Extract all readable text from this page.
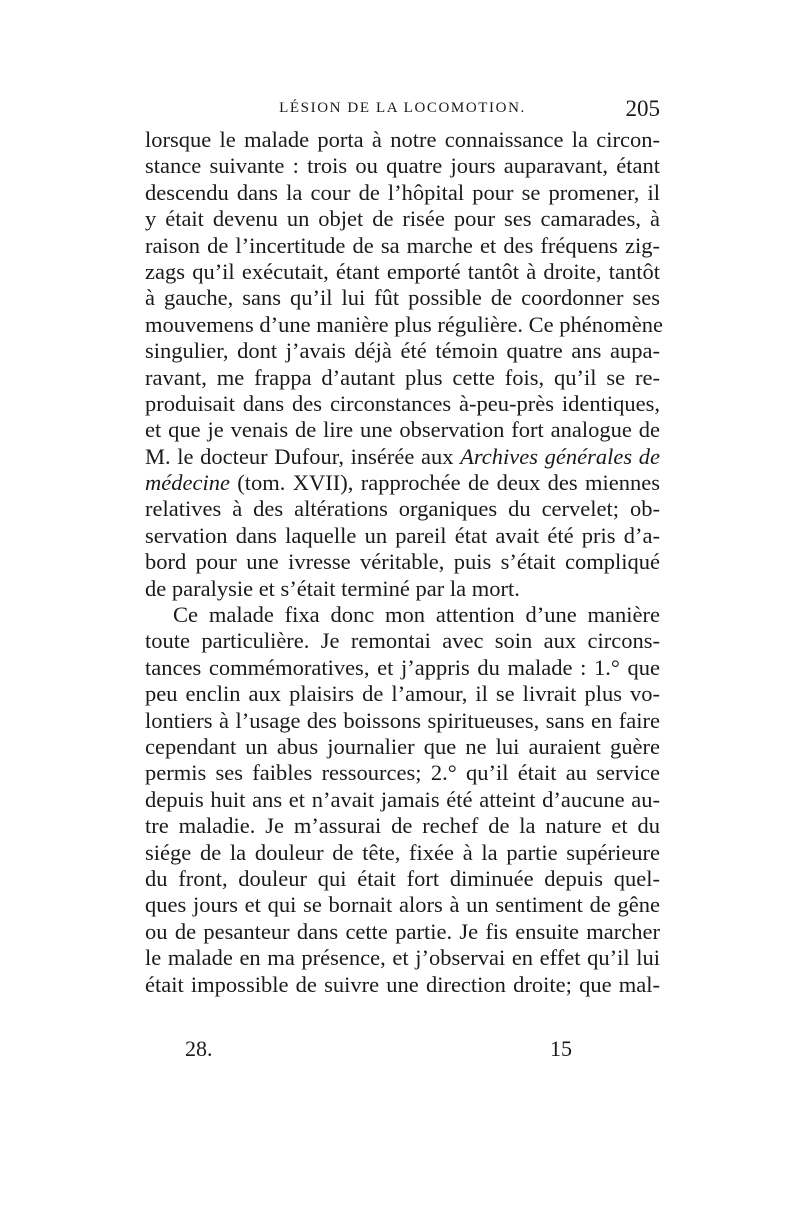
LÉSION DE LA LOCOMOTION.	205
lorsque le malade porta à notre connaissance la circon-
stance suivante : trois ou quatre jours auparavant, étant
descendu dans la cour de l’hôpital pour se promener, il
y était devenu un objet de risée pour ses camarades, à
raison de l’incertitude de sa marche et des fréquens zig-
zags qu’il exécutait, étant emporté tantôt à droite, tantôt
à gauche, sans qu’il lui fût possible de coordonner ses
mouvemens d’une manière plus régulière. Ce phénomène
singulier, dont j’avais déjà été témoin quatre ans aupa-
ravant, me frappa d’autant plus cette fois, qu’il se re-
produisait dans des circonstances à-peu-près identiques,
et que je venais de lire une observation fort analogue de
M. le docteur Dufour, insérée aux Archives générales de
médecine (tom. XVII), rapprochée de deux des miennes
relatives à des altérations organiques du cervelet; ob-
servation dans laquelle un pareil état avait été pris d’a-
bord pour une ivresse véritable, puis s’était compliqué
de paralysie et s’était terminé par la mort.
Ce malade fixa donc mon attention d’une manière
toute particulière. Je remontai avec soin aux circons-
tances commémoratives, et j’appris du malade : 1.° que
peu enclin aux plaisirs de l’amour, il se livrait plus vo-
lontiers à l’usage des boissons spiritueuses, sans en faire
cependant un abus journalier que ne lui auraient guère
permis ses faibles ressources; 2.° qu’il était au service
depuis huit ans et n’avait jamais été atteint d’aucune au-
tre maladie. Je m’assurai de rechef de la nature et du
siége de la douleur de tête, fixée à la partie supérieure
du front, douleur qui était fort diminuée depuis quel-
ques jours et qui se bornait alors à un sentiment de gêne
ou de pesanteur dans cette partie. Je fis ensuite marcher
le malade en ma présence, et j’observai en effet qu’il lui
était impossible de suivre une direction droite; que mal-
28.	15
